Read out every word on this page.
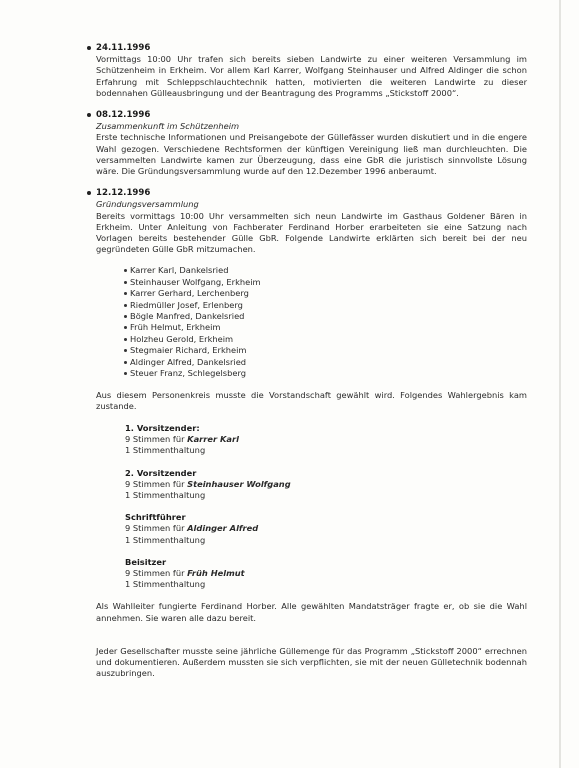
24.11.1996

Vormittags 10:00 Uhr trafen sich bereits sieben Landwirte zu einer weiteren Versammlung im Schützenheim in Erkheim. Vor allem Karl Karrer, Wolfgang Steinhauser und Alfred Aldinger die schon Erfahrung mit Schleppschlauchtechnik hatten, motivierten die weiteren Landwirte zu dieser bodennahen Gülleausbringung und der Beantragung des Programms „Stickstoff 2000“.

08.12.1996
Zusammenkunft im Schützenheim

Erste technische Informationen und Preisangebote der Güllefässer wurden diskutiert und in die engere Wahl gezogen. Verschiedene Rechtsformen der künftigen Vereinigung ließ man durchleuchten. Die versammelten Landwirte kamen zur Überzeugung, dass eine GbR die juristisch sinnvollste Lösung wäre. Die Gründungsversammlung wurde auf den 12.Dezember 1996 anberaumt.

12.12.1996
Gründungsversammlung

Bereits vormittags 10:00 Uhr versammelten sich neun Landwirte im Gasthaus Goldener Bären in Erkheim. Unter Anleitung von Fachberater Ferdinand Horber erarbeiteten sie eine Satzung nach Vorlagen bereits bestehender Gülle GbR. Folgende Landwirte erklärten sich bereit bei der neu gegründeten Gülle GbR mitzumachen.

Karrer Karl, Dankelsried
Steinhauser Wolfgang, Erkheim
Karrer Gerhard, Lerchenberg
Riedmüller Josef, Erlenberg
Bögle Manfred, Dankelsried
Früh Helmut, Erkheim
Holzheu Gerold, Erkheim
Stegmaier Richard, Erkheim
Aldinger Alfred, Dankelsried
Steuer Franz, Schlegelsberg

Aus diesem Personenkreis musste die Vorstandschaft gewählt wird. Folgendes Wahlergebnis kam zustande.

1. Vorsitzender:
9 Stimmen für Karrer Karl
1 Stimmenthaltung
2. Vorsitzender
9 Stimmen für Steinhauser Wolfgang
1 Stimmenthaltung
Schriftführer
9 Stimmen für Aldinger Alfred
1 Stimmenthaltung
Beisitzer
9 Stimmen für Früh Helmut
1 Stimmenthaltung

Als Wahlleiter fungierte Ferdinand Horber. Alle gewählten Mandatsträger fragte er, ob sie die Wahl annehmen. Sie waren alle dazu bereit.

Jeder Gesellschafter musste seine jährliche Güllemenge für das Programm „Stickstoff 2000“ errechnen und dokumentieren. Außerdem mussten sie sich verpflichten, sie mit der neuen Gülletechnik bodennah auszubringen.
